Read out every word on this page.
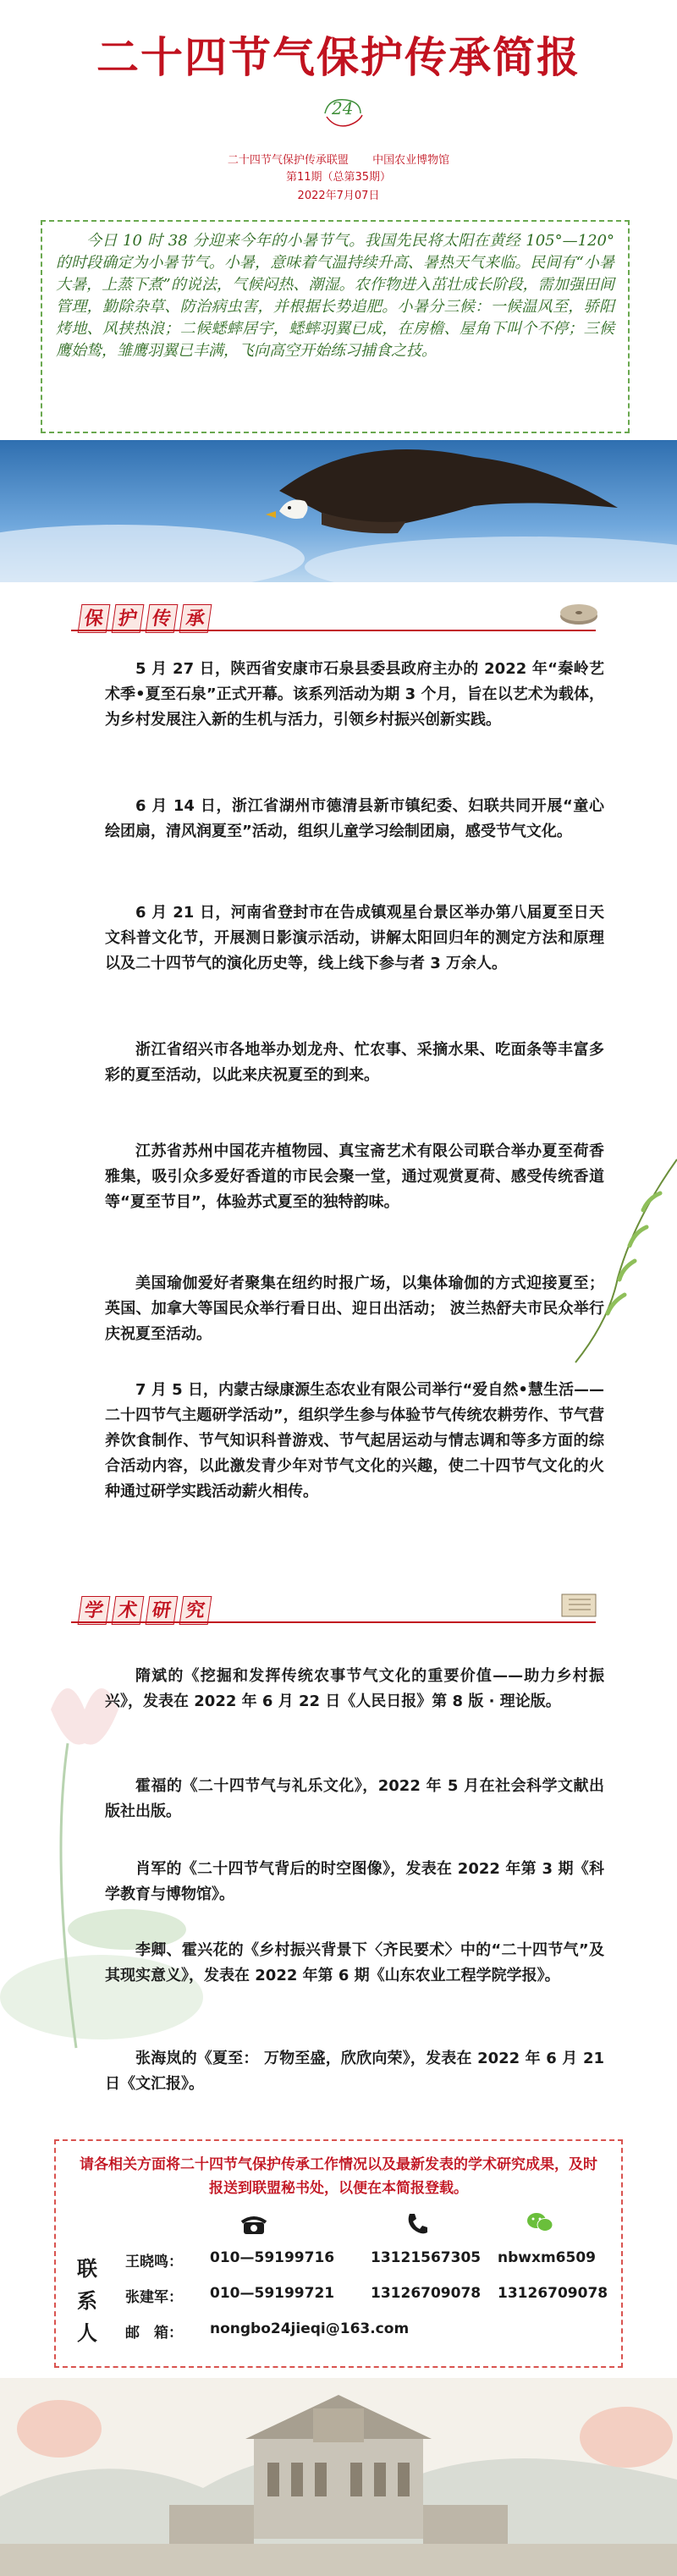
二十四节气保护传承简报
24
二十四节气保护传承联盟 中国农业博物馆
第11期（总第35期）
2022年7月07日
今日 10 时 38 分迎来今年的小暑节气。我国先民将太阳在黄经 105°—120° 的时段确定为小暑节气。小暑，意味着气温持续升高、暑热天气来临。民间有“小暑大暑，上蒸下煮”的说法，气候闷热、潮湿。农作物进入茁壮成长阶段，需加强田间管理，勤除杂草、防治病虫害，并根据长势追肥。小暑分三候：一候温风至，骄阳烤地、风挟热浪；二候蟋蟀居宇，蟋蟀羽翼已成，在房檐、屋角下叫个不停；三候鹰始鸷，雏鹰羽翼已丰满，飞向高空开始练习捕食之技。
保 护 传 承

5 月 27 日，陕西省安康市石泉县委县政府主办的 2022 年“秦岭艺术季•夏至石泉”正式开幕。该系列活动为期 3 个月，旨在以艺术为载体，为乡村发展注入新的生机与活力，引领乡村振兴创新实践。

6 月 14 日，浙江省湖州市德清县新市镇纪委、妇联共同开展“童心绘团扇，清风润夏至”活动，组织儿童学习绘制团扇，感受节气文化。

6 月 21 日，河南省登封市在告成镇观星台景区举办第八届夏至日天文科普文化节，开展测日影演示活动，讲解太阳回归年的测定方法和原理以及二十四节气的演化历史等，线上线下参与者 3 万余人。

浙江省绍兴市各地举办划龙舟、忙农事、采摘水果、吃面条等丰富多彩的夏至活动，以此来庆祝夏至的到来。

江苏省苏州中国花卉植物园、真宝斋艺术有限公司联合举办夏至荷香雅集，吸引众多爱好香道的市民会聚一堂，通过观赏夏荷、感受传统香道等“夏至节目”，体验苏式夏至的独特韵味。

美国瑜伽爱好者聚集在纽约时报广场，以集体瑜伽的方式迎接夏至； 英国、加拿大等国民众举行看日出、迎日出活动； 波兰热舒夫市民众举行庆祝夏至活动。

7 月 5 日，内蒙古绿康源生态农业有限公司举行“爱自然•慧生活——二十四节气主题研学活动”，组织学生参与体验节气传统农耕劳作、节气营养饮食制作、节气知识科普游戏、节气起居运动与情志调和等多方面的综合活动内容，以此激发青少年对节气文化的兴趣，使二十四节气文化的火种通过研学实践活动薪火相传。

学 术 研 究

隋斌的《挖掘和发挥传统农事节气文化的重要价值——助力乡村振兴》，发表在 2022 年 6 月 22 日《人民日报》第 8 版 · 理论版。

霍福的《二十四节气与礼乐文化》，2022 年 5 月在社会科学文献出版社出版。

肖军的《二十四节气背后的时空图像》，发表在 2022 年第 3 期《科学教育与博物馆》。

李卿、霍兴花的《乡村振兴背景下〈齐民要术〉中的“二十四节气”及其现实意义》，发表在 2022 年第 6 期《山东农业工程学院学报》。

张海岚的《夏至： 万物至盛，欣欣向荣》，发表在 2022 年 6 月 21 日《文汇报》。

请各相关方面将二十四节气保护传承工作情况以及最新发表的学术研究成果，及时报送到联盟秘书处，以便在本简报登载。

联系人
王晓鸣： 010—59199716	13121567305 nbwxm6509
张建军： 010—59199721	13126709078 13126709078
邮　箱： nongbo24jieqi@163.com
